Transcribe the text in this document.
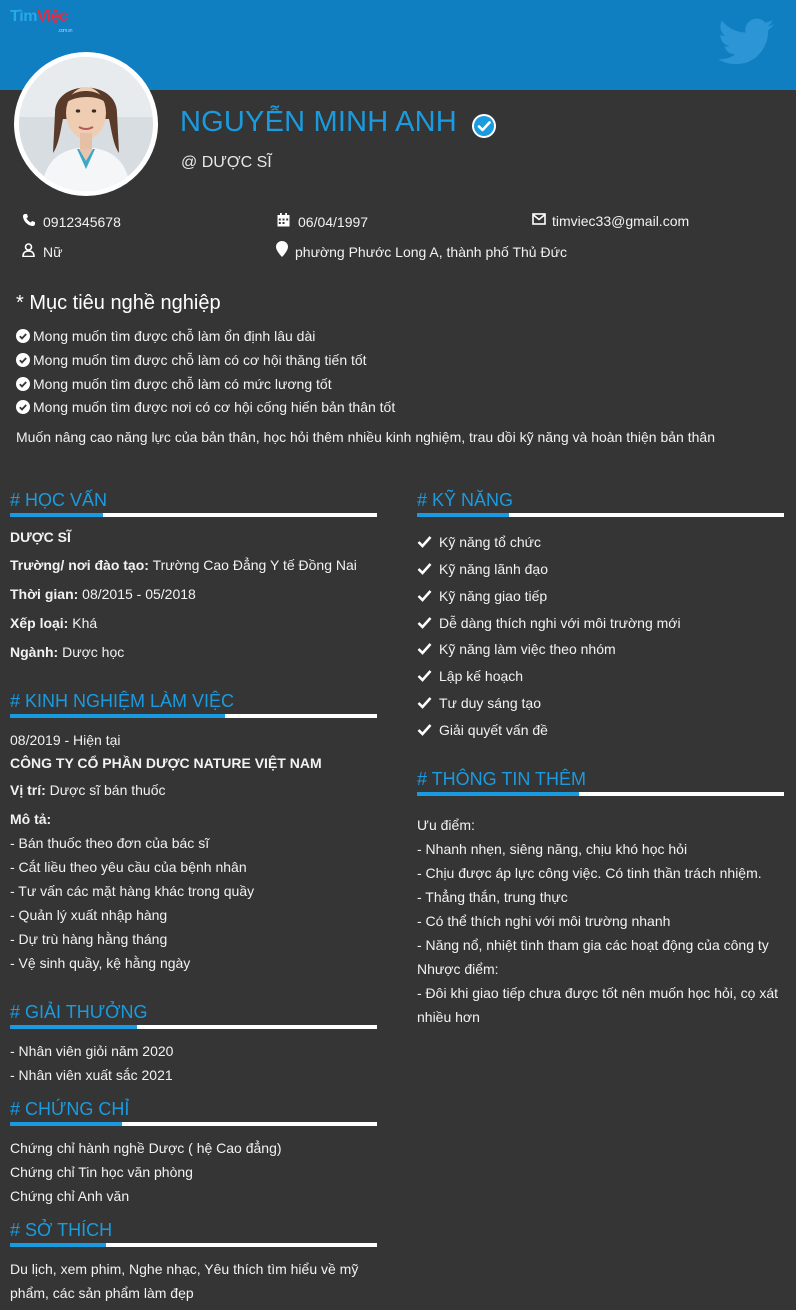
TìmViệc
.com.vn
NGUYỄN MINH ANH
@ DƯỢC SĨ
0912345678	06/04/1997	timviec33@gmail.com
Nữ	phường Phước Long A, thành phố Thủ Đức
* Mục tiêu nghề nghiệp
Mong muốn tìm được chỗ làm ổn định lâu dài
Mong muốn tìm được chỗ làm có cơ hội thăng tiến tốt
Mong muốn tìm được chỗ làm có mức lương tốt
Mong muốn tìm được nơi có cơ hội cống hiến bản thân tốt
Muốn nâng cao năng lực của bản thân, học hỏi thêm nhiều kinh nghiệm, trau dồi kỹ năng và hoàn thiện bản thân
# HỌC VẤN
DƯỢC SĨ
Trường/ nơi đào tạo: Trường Cao Đẳng Y tế Đồng Nai
Thời gian: 08/2015 - 05/2018
Xếp loại: Khá
Ngành: Dược học
# KINH NGHIỆM LÀM VIỆC
08/2019 - Hiện tại
CÔNG TY CỔ PHẦN DƯỢC NATURE VIỆT NAM
Vị trí: Dược sĩ bán thuốc
Mô tả:
- Bán thuốc theo đơn của bác sĩ
- Cắt liều theo yêu cầu của bệnh nhân
- Tư vấn các mặt hàng khác trong quầy
- Quản lý xuất nhập hàng
- Dự trù hàng hằng tháng
- Vệ sinh quầy, kệ hằng ngày
# GIẢI THƯỞNG
- Nhân viên giỏi năm 2020
- Nhân viên xuất sắc 2021
# CHỨNG CHỈ
Chứng chỉ hành nghề Dược ( hệ Cao đẳng)
Chứng chỉ Tin học văn phòng
Chứng chỉ Anh văn
# SỞ THÍCH
Du lịch, xem phim, Nghe nhạc, Yêu thích tìm hiểu về mỹ
phẩm, các sản phẩm làm đẹp
# KỸ NĂNG
Kỹ năng tổ chức
Kỹ năng lãnh đạo
Kỹ năng giao tiếp
Dễ dàng thích nghi với môi trường mới
Kỹ năng làm việc theo nhóm
Lập kế hoạch
Tư duy sáng tạo
Giải quyết vấn đề
# THÔNG TIN THÊM
Ưu điểm:
- Nhanh nhẹn, siêng năng, chịu khó học hỏi
- Chịu được áp lực công việc. Có tinh thần trách nhiệm.
- Thẳng thắn, trung thực
- Có thể thích nghi với môi trường nhanh
- Năng nổ, nhiệt tình tham gia các hoạt động của công ty
Nhược điểm:
- Đôi khi giao tiếp chưa được tốt nên muốn học hỏi, cọ xát
nhiều hơn
